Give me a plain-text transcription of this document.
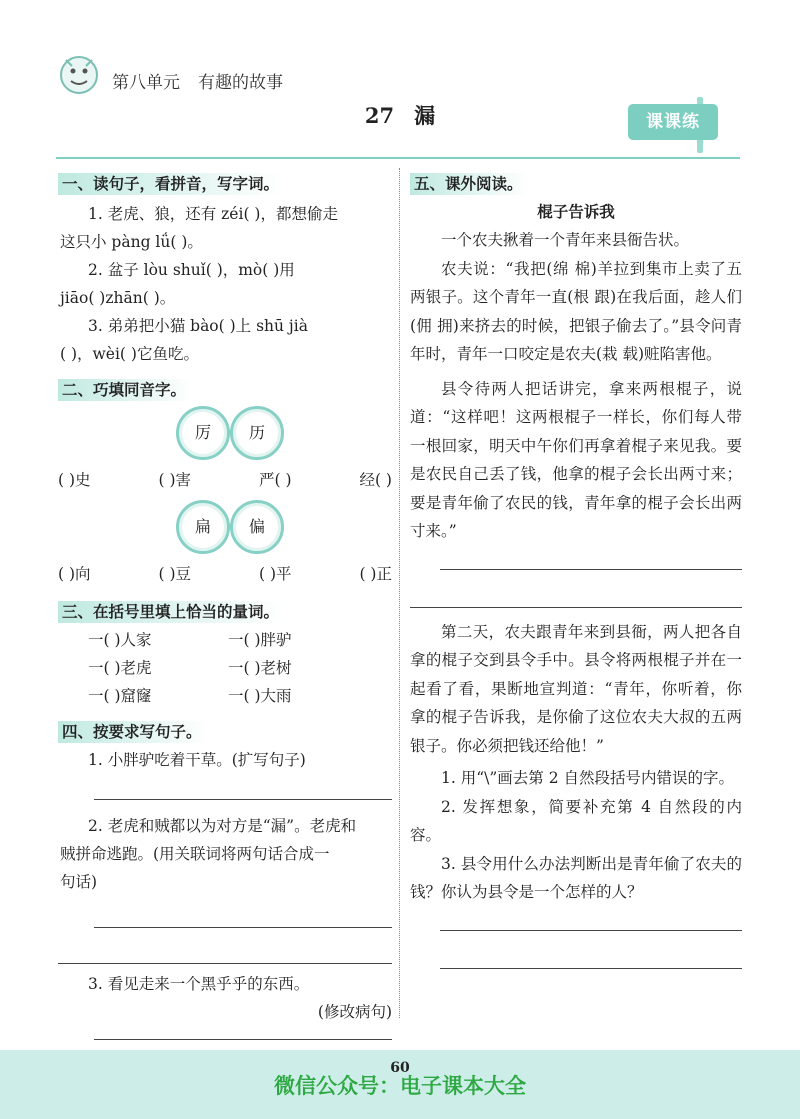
第八单元 有趣的故事
27 漏	课课练
一、读句子，看拼音，写字词。
1. 老虎、狼，还有 zéi( )，都想偷走
这只小 pàng lǘ( )。
2. 盆子 lòu shuǐ( )，mò( )用
jiāo( )zhān( )。
3. 弟弟把小猫 bào( )上 shū jià
( )，wèi( )它鱼吃。
二、巧填同音字。
厉	历
( )史	( )害	严( )	经( )
扁	偏
( )向	( )豆	( )平	( )正
三、在括号里填上恰当的量词。
一( )人家	一( )胖驴
一( )老虎	一( )老树
一( )窟窿	一( )大雨
四、按要求写句子。
1. 小胖驴吃着干草。(扩写句子)
2. 老虎和贼都以为对方是“漏”。老虎和
贼拼命逃跑。(用关联词将两句话合成一
句话)
3. 看见走来一个黑乎乎的东西。
(修改病句)
五、课外阅读。
棍子告诉我
一个农夫揪着一个青年来县衙告状。
农夫说：“我把(绵 棉)羊拉到集市上卖了五两银子。这个青年一直(根 跟)在我后面，趁人们(佣 拥)来挤去的时候，把银子偷去了。”县令问青年时，青年一口咬定是农夫(栽 载)赃陷害他。
县令待两人把话讲完，拿来两根棍子，说道：“这样吧！这两根棍子一样长，你们每人带一根回家，明天中午你们再拿着棍子来见我。要是农民自己丢了钱，他拿的棍子会长出两寸来；要是青年偷了农民的钱，青年拿的棍子会长出两寸来。”
第二天，农夫跟青年来到县衙，两人把各自拿的棍子交到县令手中。县令将两根棍子并在一起看了看，果断地宣判道：“青年，你听着，你拿的棍子告诉我，是你偷了这位农夫大叔的五两银子。你必须把钱还给他！”
1. 用“\”画去第 2 自然段括号内错误的字。
2. 发挥想象，简要补充第 4 自然段的内容。
3. 县令用什么办法判断出是青年偷了农夫的钱？你认为县令是一个怎样的人？
60
微信公众号：电子课本大全
